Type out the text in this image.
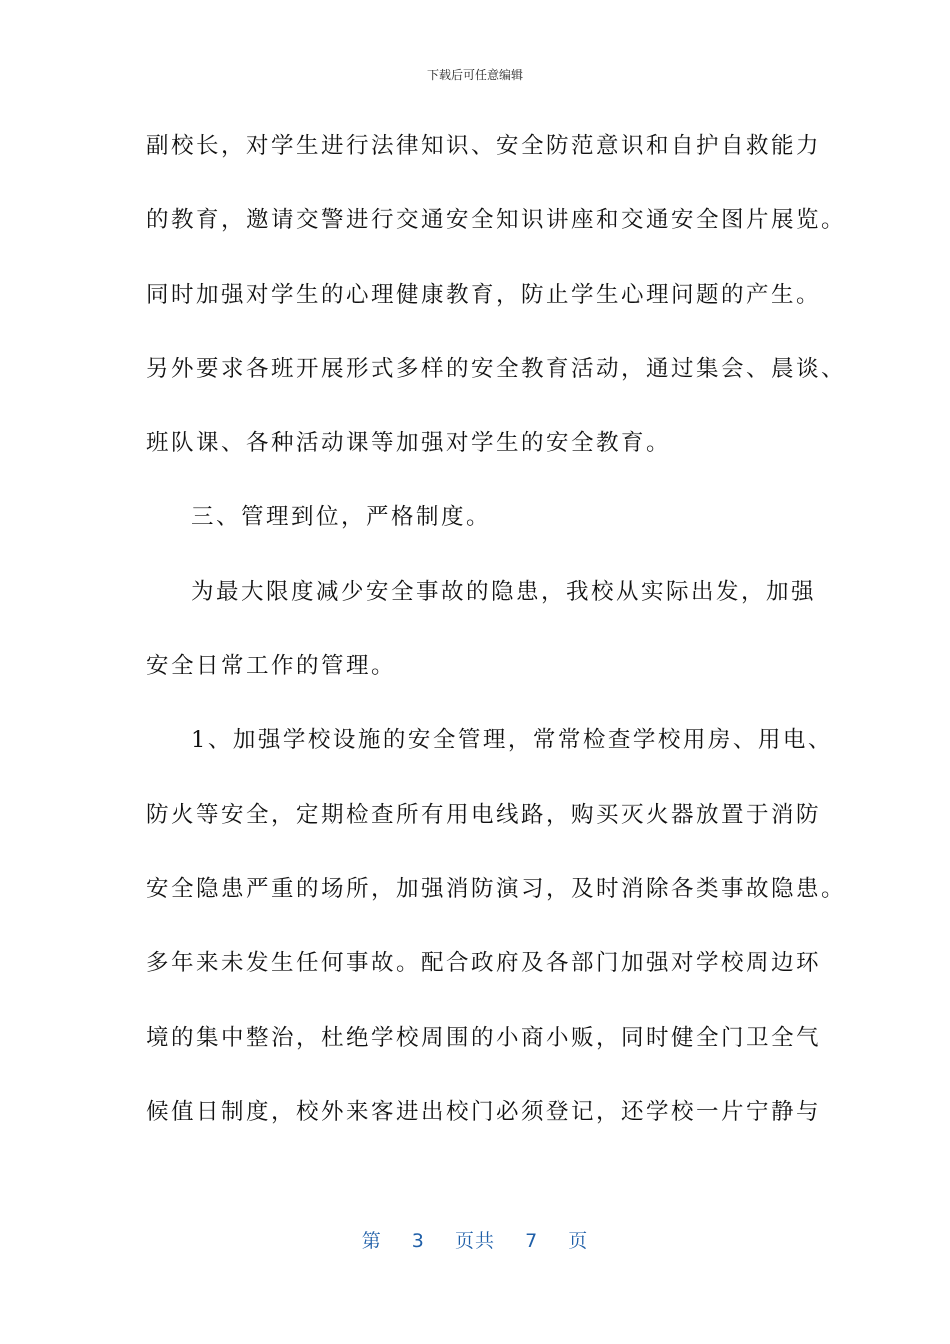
下载后可任意编辑
副校长，对学生进行法律知识、安全防范意识和自护自救能力
的教育，邀请交警进行交通安全知识讲座和交通安全图片展览。
同时加强对学生的心理健康教育，防止学生心理问题的产生。
另外要求各班开展形式多样的安全教育活动，通过集会、晨谈、
班队课、各种活动课等加强对学生的安全教育。
三、管理到位，严格制度。
为最大限度减少安全事故的隐患，我校从实际出发，加强
安全日常工作的管理。
1、加强学校设施的安全管理，常常检查学校用房、用电、
防火等安全，定期检查所有用电线路，购买灭火器放置于消防
安全隐患严重的场所，加强消防演习，及时消除各类事故隐患。
多年来未发生任何事故。配合政府及各部门加强对学校周边环
境的集中整治，杜绝学校周围的小商小贩，同时健全门卫全气
候值日制度，校外来客进出校门必须登记，还学校一片宁静与
第 3 页共 7 页
